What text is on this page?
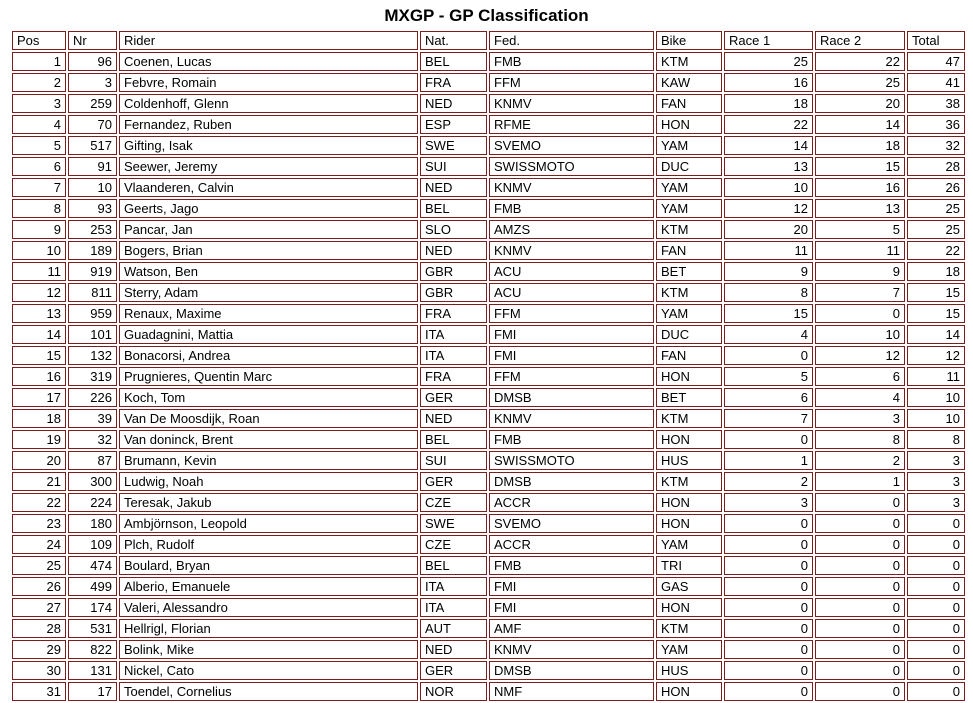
MXGP - GP Classification
Pos	Nr	Rider	Nat.	Fed.	Bike	Race 1	Race 2	Total
1	96	Coenen, Lucas	BEL	FMB	KTM	25	22	47
2	3	Febvre, Romain	FRA	FFM	KAW	16	25	41
3	259	Coldenhoff, Glenn	NED	KNMV	FAN	18	20	38
4	70	Fernandez, Ruben	ESP	RFME	HON	22	14	36
5	517	Gifting, Isak	SWE	SVEMO	YAM	14	18	32
6	91	Seewer, Jeremy	SUI	SWISSMOTO	DUC	13	15	28
7	10	Vlaanderen, Calvin	NED	KNMV	YAM	10	16	26
8	93	Geerts, Jago	BEL	FMB	YAM	12	13	25
9	253	Pancar, Jan	SLO	AMZS	KTM	20	5	25
10	189	Bogers, Brian	NED	KNMV	FAN	11	11	22
11	919	Watson, Ben	GBR	ACU	BET	9	9	18
12	811	Sterry, Adam	GBR	ACU	KTM	8	7	15
13	959	Renaux, Maxime	FRA	FFM	YAM	15	0	15
14	101	Guadagnini, Mattia	ITA	FMI	DUC	4	10	14
15	132	Bonacorsi, Andrea	ITA	FMI	FAN	0	12	12
16	319	Prugnieres, Quentin Marc	FRA	FFM	HON	5	6	11
17	226	Koch, Tom	GER	DMSB	BET	6	4	10
18	39	Van De Moosdijk, Roan	NED	KNMV	KTM	7	3	10
19	32	Van doninck, Brent	BEL	FMB	HON	0	8	8
20	87	Brumann, Kevin	SUI	SWISSMOTO	HUS	1	2	3
21	300	Ludwig, Noah	GER	DMSB	KTM	2	1	3
22	224	Teresak, Jakub	CZE	ACCR	HON	3	0	3
23	180	Ambjörnson, Leopold	SWE	SVEMO	HON	0	0	0
24	109	Plch, Rudolf	CZE	ACCR	YAM	0	0	0
25	474	Boulard, Bryan	BEL	FMB	TRI	0	0	0
26	499	Alberio, Emanuele	ITA	FMI	GAS	0	0	0
27	174	Valeri, Alessandro	ITA	FMI	HON	0	0	0
28	531	Hellrigl, Florian	AUT	AMF	KTM	0	0	0
29	822	Bolink, Mike	NED	KNMV	YAM	0	0	0
30	131	Nickel, Cato	GER	DMSB	HUS	0	0	0
31	17	Toendel, Cornelius	NOR	NMF	HON	0	0	0
